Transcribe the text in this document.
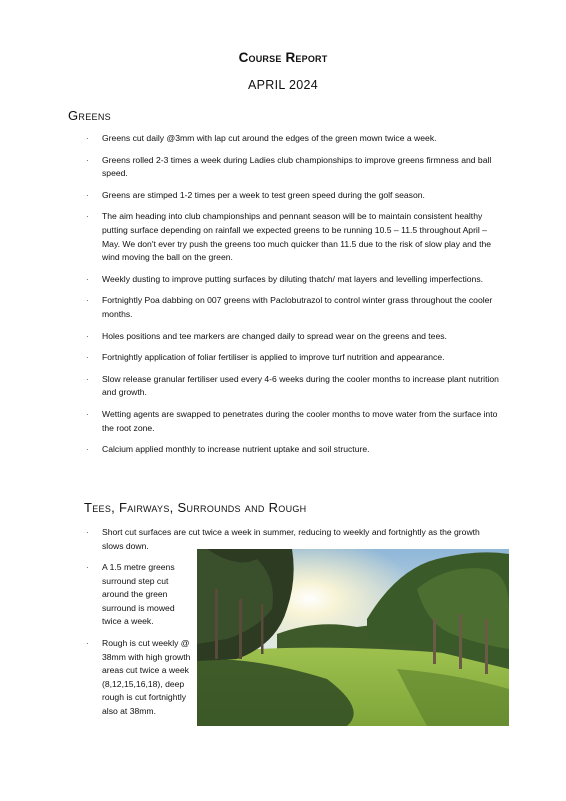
Course Report
APRIL 2024
Greens
· Greens cut daily @3mm with lap cut around the edges of the green mown twice a week.
· Greens rolled 2-3 times a week during Ladies club championships to improve greens firmness and ball speed.
· Greens are stimped 1-2 times per a week to test green speed during the golf season.
· The aim heading into club championships and pennant season will be to maintain consistent healthy putting surface depending on rainfall we expected greens to be running 10.5 – 11.5 throughout April – May. We don't ever try push the greens too much quicker than 11.5 due to the risk of slow play and the wind moving the ball on the green.
· Weekly dusting to improve putting surfaces by diluting thatch/ mat layers and levelling imperfections.
· Fortnightly Poa dabbing on 007 greens with Paclobutrazol to control winter grass throughout the cooler months.
· Holes positions and tee markers are changed daily to spread wear on the greens and tees.
· Fortnightly application of foliar fertiliser is applied to improve turf nutrition and appearance.
· Slow release granular fertiliser used every 4-6 weeks during the cooler months to increase plant nutrition and growth.
· Wetting agents are swapped to penetrates during the cooler months to move water from the surface into the root zone.
· Calcium applied monthly to increase nutrient uptake and soil structure.
Tees, Fairways, Surrounds and Rough
· Short cut surfaces are cut twice a week in summer, reducing to weekly and fortnightly as the growth slows down.
· A 1.5 metre greens surround step cut around the green surround is mowed twice a week.
· Rough is cut weekly @ 38mm with high growth areas cut twice a week (8,12,15,16,18), deep rough is cut fortnightly also at 38mm.
